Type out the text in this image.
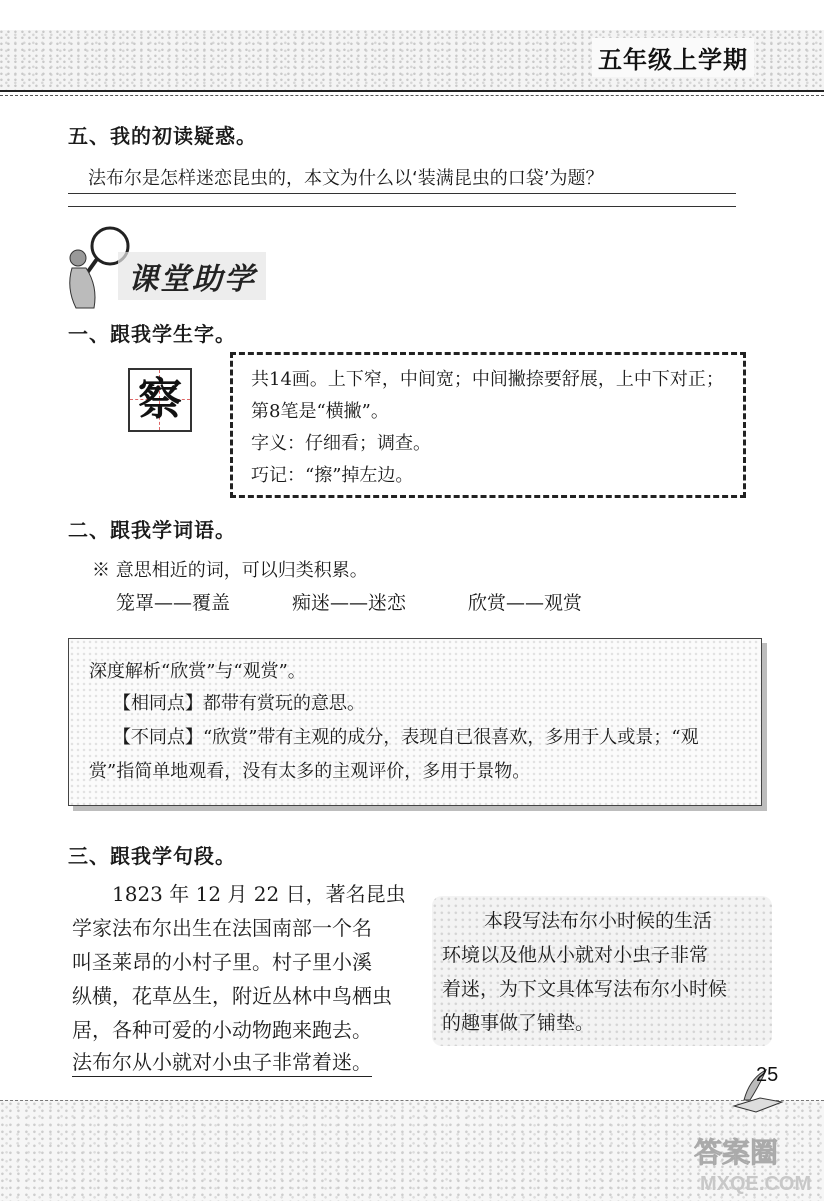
五年级上学期
五、我的初读疑惑。
法布尔是怎样迷恋昆虫的，本文为什么以‘装满昆虫的口袋’为题？
课堂助学
一、跟我学生字。
察	共14画。上下窄，中间宽；中间撇捺要舒展，上中下对正；
第8笔是“横撇”。
字义：仔细看；调查。
巧记：“擦”掉左边。
二、跟我学词语。
※ 意思相近的词，可以归类积累。
笼罩——覆盖	痴迷——迷恋	欣赏——观赏
深度解析“欣赏”与“观赏”。
【相同点】都带有赏玩的意思。
【不同点】“欣赏”带有主观的成分，表现自已很喜欢，多用于人或景；“观
赏”指简单地观看，没有太多的主观评价，多用于景物。
三、跟我学句段。
1823 年 12 月 22 日，著名昆虫
学家法布尔出生在法国南部一个名
叫圣莱昂的小村子里。村子里小溪
纵横，花草丛生，附近丛林中鸟栖虫
居，各种可爱的小动物跑来跑去。
法布尔从小就对小虫子非常着迷。
本段写法布尔小时候的生活
环境以及他从小就对小虫子非常
着迷，为下文具体写法布尔小时候
的趣事做了铺垫。
25
答案圈
MXQE.COM
